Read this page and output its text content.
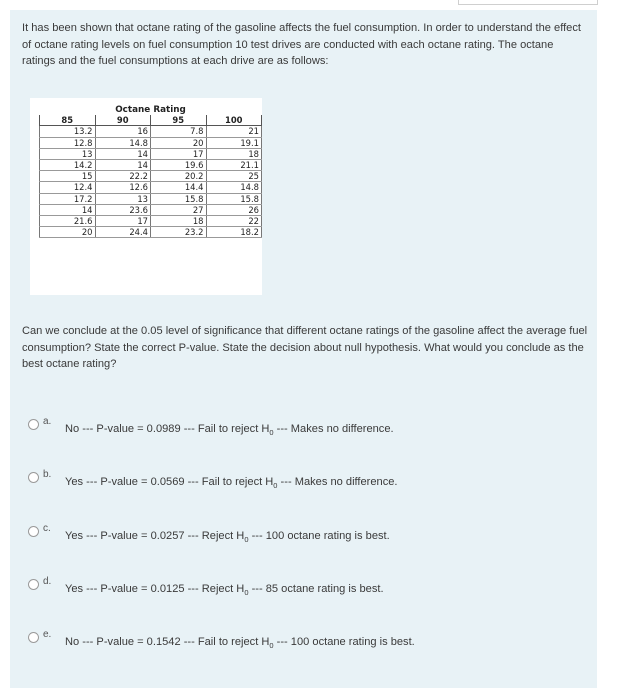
It has been shown that octane rating of the gasoline affects the fuel consumption. In order to understand the effect of octane rating levels on fuel consumption 10 test drives are conducted with each octane rating. The octane ratings and the fuel consumptions at each drive are as follows:

Octane Rating			
85	90	95	100
13.2	16	7.8	21
12.8	14.8	20	19.1
13	14	17	18
14.2	14	19.6	21.1
15	22.2	20.2	25
12.4	12.6	14.4	14.8
17.2	13	15.8	15.8
14	23.6	27	26
21.6	17	18	22
20	24.4	23.2	18.2

Can we conclude at the 0.05 level of significance that different octane ratings of the gasoline affect the average fuel consumption? State the correct P-value. State the decision about null hypothesis. What would you conclude as the best octane rating?

a.
No --- P-value = 0.0989 --- Fail to reject $H_0$ --- Makes no difference.
b.
Yes --- P-value = 0.0569 --- Fail to reject $H_0$ --- Makes no difference.
c.
Yes --- P-value = 0.0257 --- Reject $H_0$ --- 100 octane rating is best.
d.
Yes --- P-value = 0.0125 --- Reject $H_0$ --- 85 octane rating is best.
e.
No --- P-value = 0.1542 --- Fail to reject $H_0$ --- 100 octane rating is best.
